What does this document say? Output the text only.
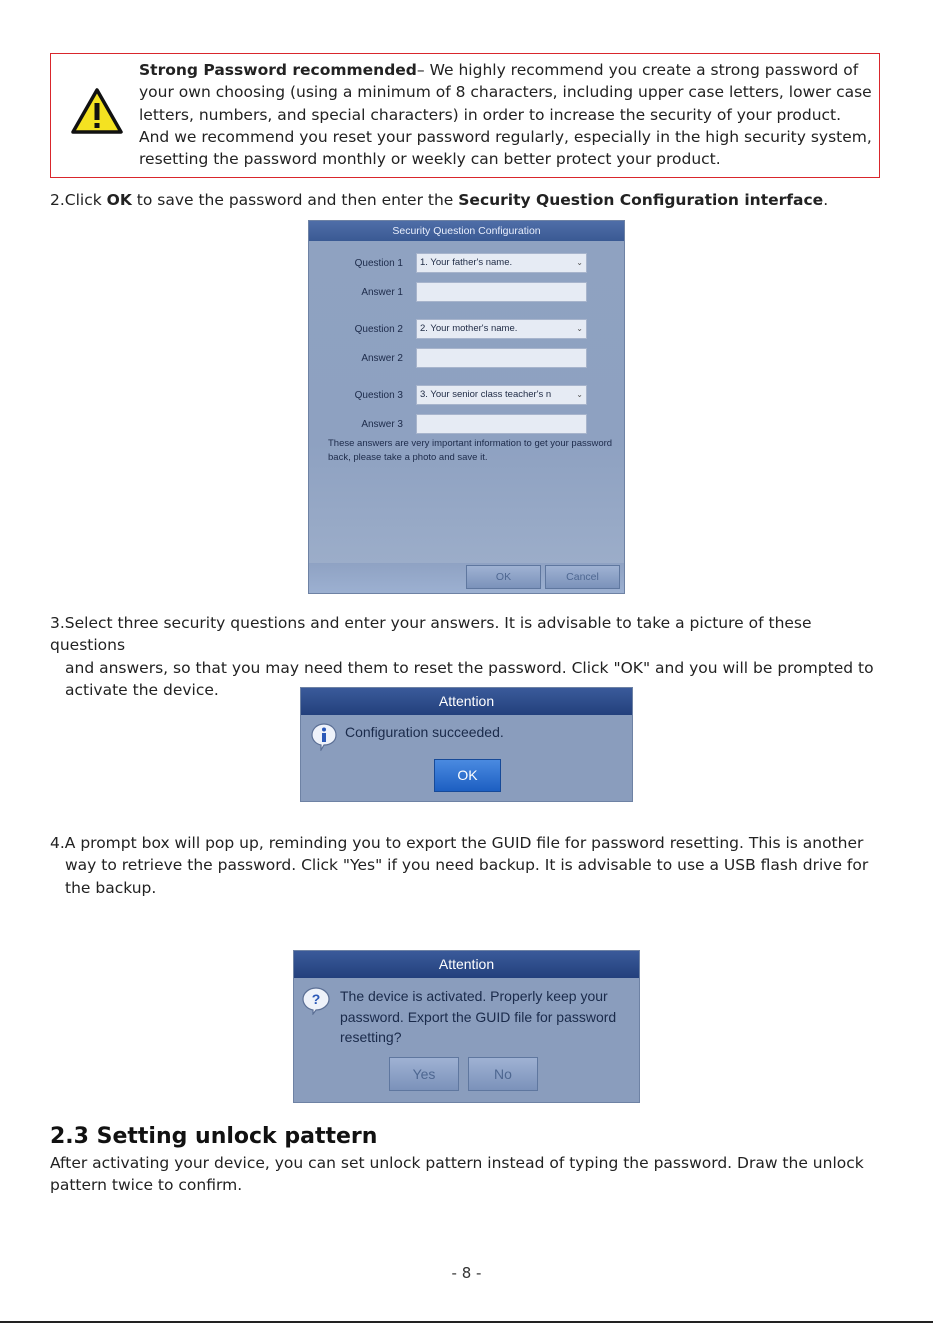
Strong Password recommended– We highly recommend you create a strong password of your own choosing (using a minimum of 8 characters, including upper case letters, lower case letters, numbers, and special characters) in order to increase the security of your product. And we recommend you reset your password regularly, especially in the high security system, resetting the password monthly or weekly can better protect your product.
2.Click OK to save the password and then enter the Security Question Configuration interface.
Security Question Configuration
Question 1	1. Your father's name.	⌄
Answer 1
Question 2	2. Your mother's name.	⌄
Answer 2
Question 3	3. Your senior class teacher's n	⌄
Answer 3
These answers are very important information to get your password back, please take a photo and save it.
OK	Cancel
3.Select three security questions and enter your answers. It is advisable to take a picture of these questions
and answers, so that you may need them to reset the password. Click "OK" and you will be prompted to
activate the device.
Attention
Configuration succeeded.
OK
4.A prompt box will pop up, reminding you to export the GUID file for password resetting. This is another
way to retrieve the password. Click "Yes" if you need backup. It is advisable to use a USB flash drive for
the backup.
Attention
? The device is activated. Properly keep your password. Export the GUID file for password resetting?
Yes	No
2.3 Setting unlock pattern
After activating your device, you can set unlock pattern instead of typing the password. Draw the unlock
pattern twice to confirm.
- 8 -
